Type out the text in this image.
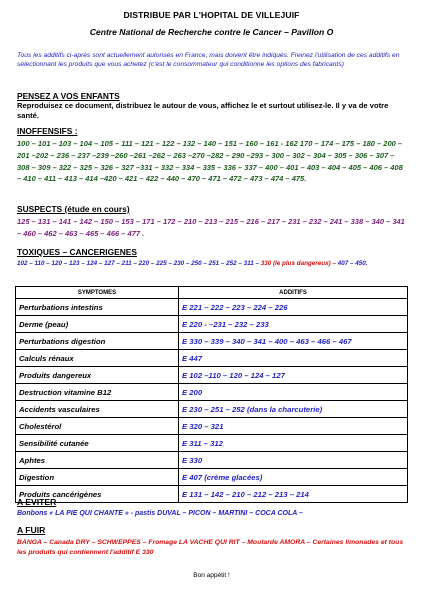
DISTRIBUE PAR L'HOPITAL DE VILLEJUIF
Centre National de Recherche contre le Cancer – Pavillon O
Tous les additifs ci-après sont actuellement autorisés en France, mais doivent être indiqués. Freinez l'utilisation de ces additifs en sélectionnant les produits que vous achetez (c'est le consommateur qui conditionne les options des fabricants)
PENSEZ A VOS ENFANTS
Reproduisez ce document, distribuez le autour de vous, affichez le et surtout utilisez-le. Il y va de votre santé.
INOFFENSIFS :
100 – 101 – 103 – 104 – 105 – 111 – 121 – 122 – 132 – 140 – 151 – 160 – 161 - 162 170 – 174 – 175 – 180 – 200 –201 –202 – 236 – 237 –239 –260 –261 –262 – 263 –270 –282 – 290 –293 – 300 – 302 – 304 – 305 – 306 – 307 – 308 – 309 – 322 – 325 – 326 – 327 –331 – 332 – 334 – 335 – 336 – 337 – 400 – 401 – 403 – 404 – 405 – 406 – 408 – 410 – 411 – 413 – 414 –420 – 421 – 422 – 440 – 470 – 471 – 472 – 473 – 474 – 475.
SUSPECTS (étude en cours)
125 – 131 – 141 – 142 – 150 – 153 – 171 – 172 – 210 – 213 – 215 – 216 – 217 – 231 – 232 – 241 – 338 – 340 – 341 – 460 – 462 – 463 – 465 – 466 – 477 .
TOXIQUES – CANCERIGENES
102 – 110 – 120 – 123 – 124 – 127 – 211 – 220 – 225 – 230 – 250 – 251 – 252 – 311 – 330 (le plus dangereux) – 407 – 450.
SYMPTOMES	ADDITIFS
Perturbations intestins	E 221 – 222 – 223 – 224 – 226
Derme (peau)	E 220 - –231 – 232 – 233
Perturbations digestion	E 330 – 339 – 340 – 341 – 400 – 463 – 466 – 467
Calculs rénaux	E 447
Produits dangereux	E 102 –110 – 120 – 124 – 127
Destruction vitamine B12	E 200
Accidents vasculaires	E 230 – 251 – 252 (dans la charcuterie)
Cholestérol	E 320 – 321
Sensibilité cutanée	E 311 – 312
Aphtes	E 330
Digestion	E 407 (crème glacées)
Produits cancérigènes	E 131 – 142 – 210 – 212 – 213 – 214
A EVITER
Bonbons « LA PIE QUI CHANTE » - pastis DUVAL – PICON – MARTINI – COCA COLA –
A FUIR
BANGA – Canada DRY – SCHWEPPES – Fromage LA VACHE QUI RIT – Moutarde AMORA – Certaines limonades et tous les produits qui contiennent l'additif E 330
Bon appétit !
